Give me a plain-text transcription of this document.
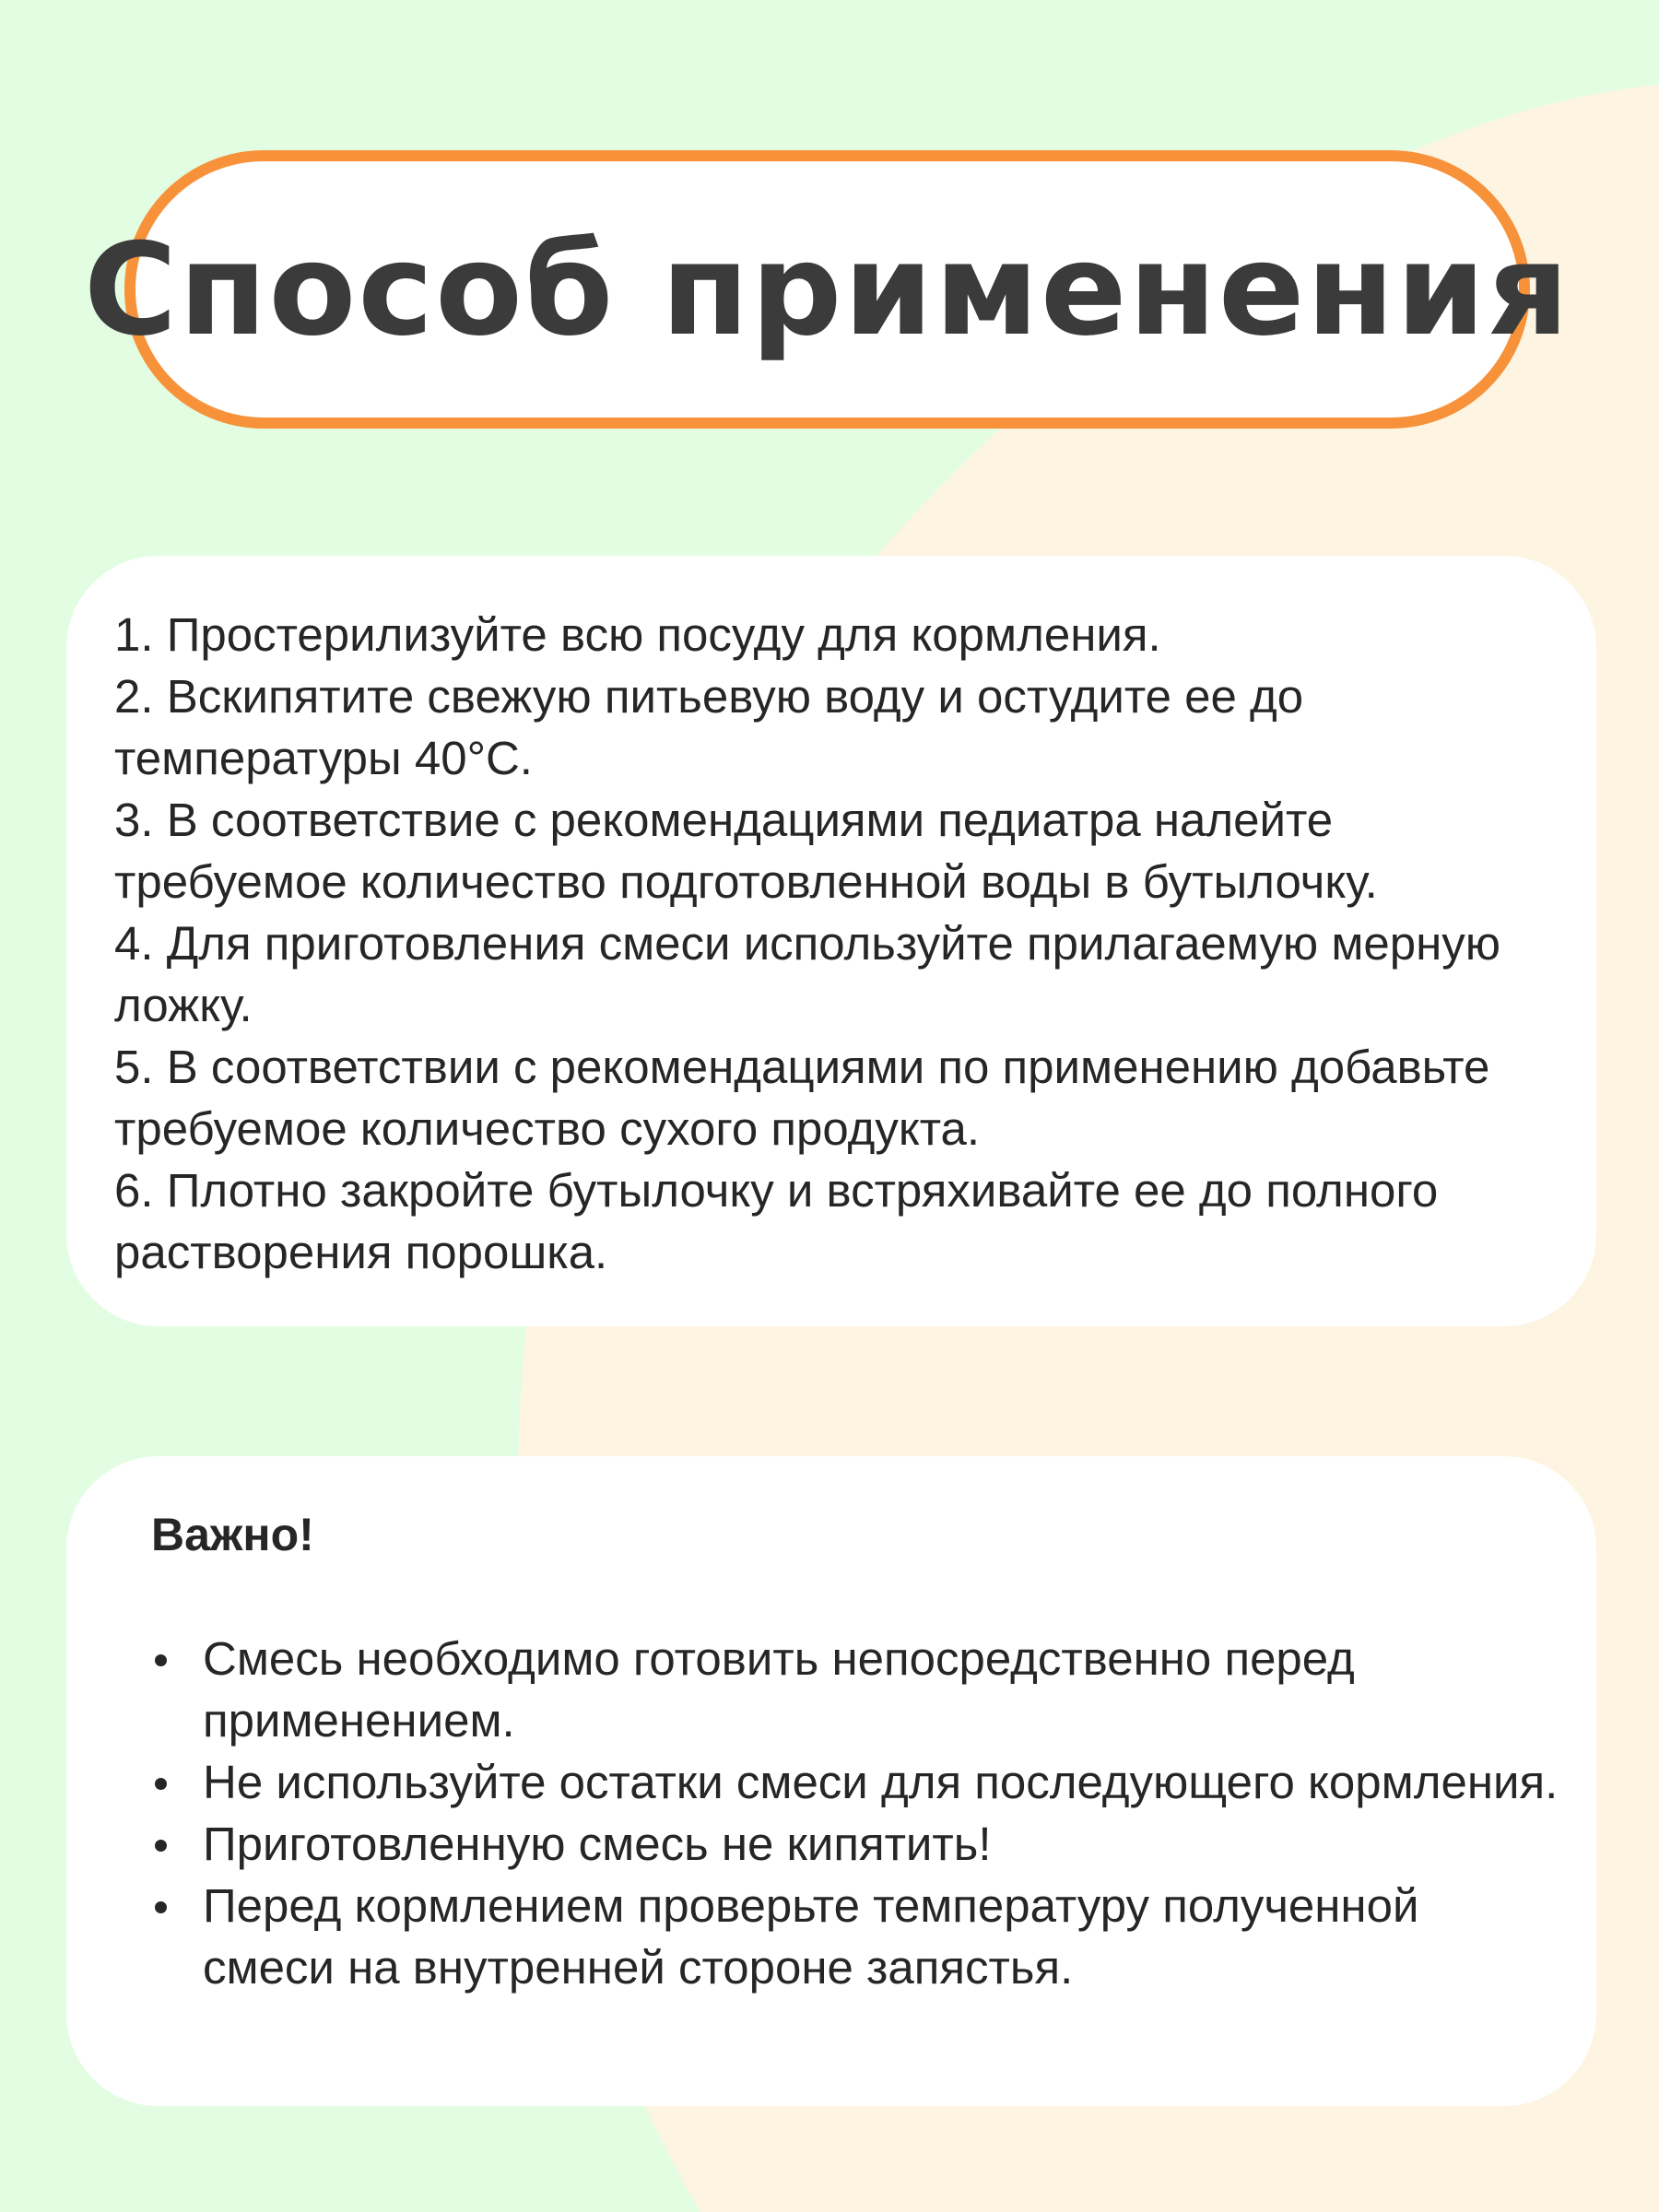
Способ применения
1. Простерилизуйте всю посуду для кормления.
2. Вскипятите свежую питьевую воду и остудите ее до температуры 40°С.
3. В соответствие с рекомендациями педиатра налейте требуемое количество подготовленной воды в бутылочку.
4. Для приготовления смеси используйте прилагаемую мерную ложку.
5. В соответствии с рекомендациями по применению добавьте требуемое количество сухого продукта.
6. Плотно закройте бутылочку и встряхивайте ее до полного растворения порошка.
Важно!
Смесь необходимо готовить непосредственно перед применением.
Не используйте остатки смеси для последующего кормления.
Приготовленную смесь не кипятить!
Перед кормлением проверьте температуру полученной смеси на внутренней стороне запястья.
